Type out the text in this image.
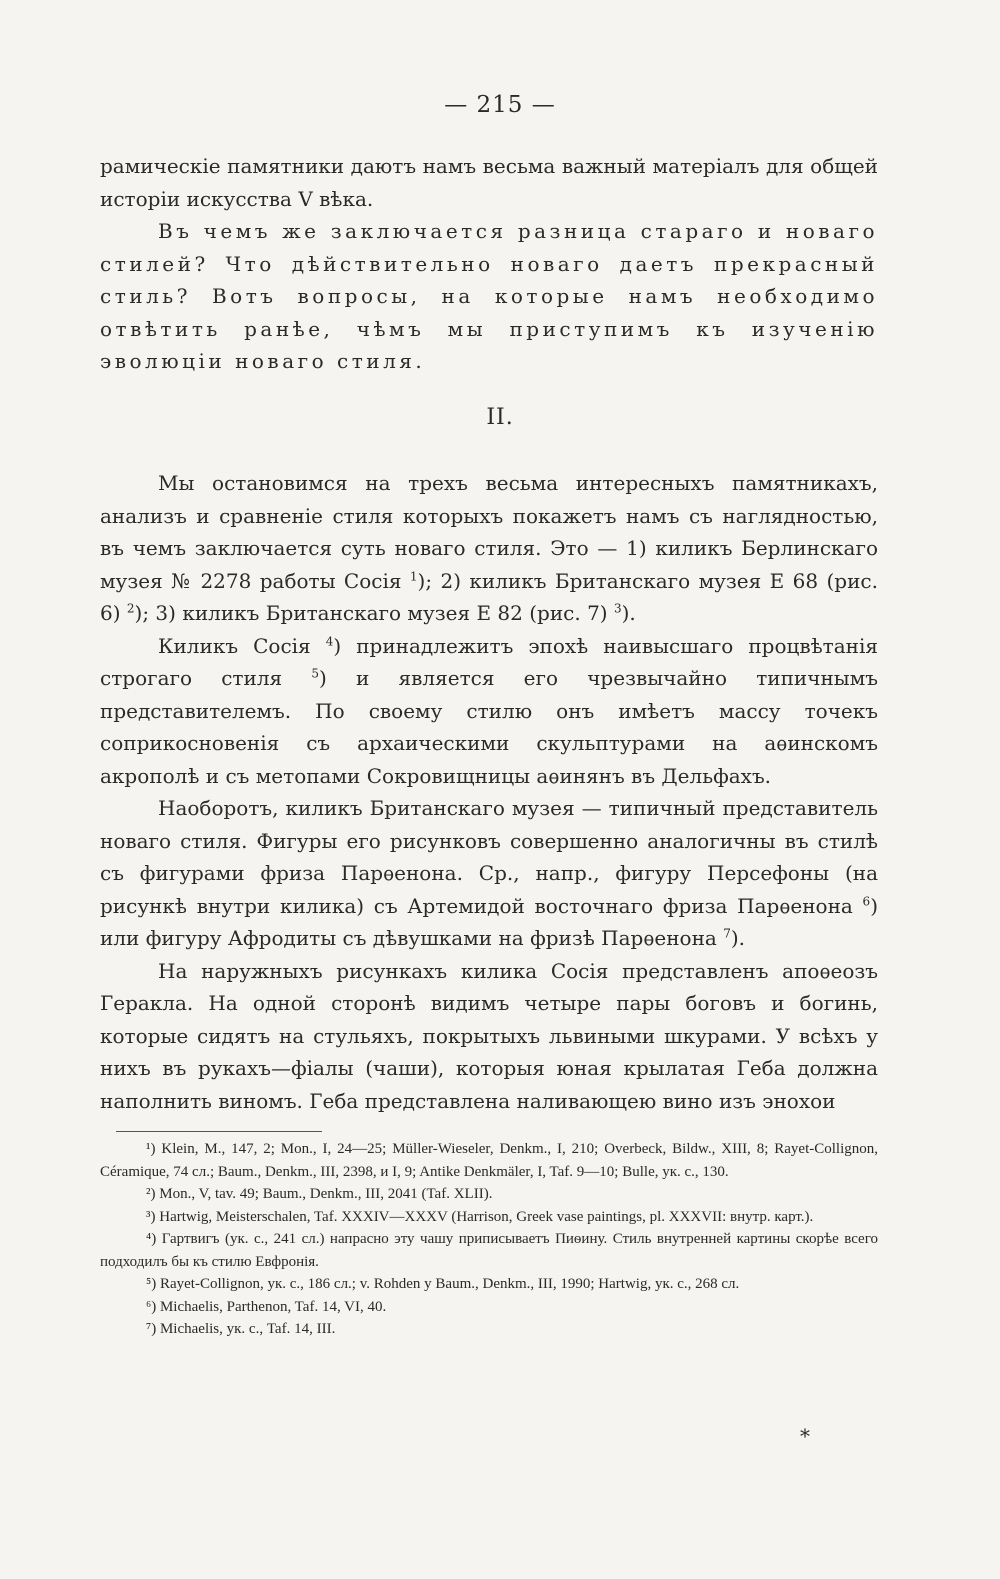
— 215 —

рамическіе памятники даютъ намъ весьма важный матеріалъ для общей исторіи искусства V вѣка.

Въ чемъ же заключается разница стараго и новаго стилей? Что дѣйствительно новаго даетъ прекрасный стиль? Вотъ вопросы, на которые намъ необходимо отвѣтить ранѣе, чѣмъ мы приступимъ къ изученію эволюціи новаго стиля.

II.

Мы остановимся на трехъ весьма интересныхъ памятникахъ, анализъ и сравненіе стиля которыхъ покажетъ намъ съ наглядностью, въ чемъ заключается суть новаго стиля. Это — 1) киликъ Берлинскаго музея № 2278 работы Сосія $^1$); 2) киликъ Британскаго музея E 68 (рис. 6) $^2$); 3) киликъ Британскаго музея E 82 (рис. 7) $^3$).

Киликъ Сосія $^4$) принадлежитъ эпохѣ наивысшаго процвѣтанія строгаго стиля $^5$) и является его чрезвычайно типичнымъ представителемъ. По своему стилю онъ имѣетъ массу точекъ соприкосновенія съ архаическими скульптурами на аѳинскомъ акрополѣ и съ метопами Сокровищницы аѳинянъ въ Дельфахъ.

Наоборотъ, киликъ Британскаго музея — типичный представитель новаго стиля. Фигуры его рисунковъ совершенно аналогичны въ стилѣ съ фигурами фриза Парѳенона. Ср., напр., фигуру Персефоны (на рисункѣ внутри килика) съ Артемидой восточнаго фриза Парѳенона $^6$) или фигуру Афродиты съ дѣвушками на фризѣ Парѳенона $^7$).

На наружныхъ рисункахъ килика Сосія представленъ апоѳеозъ Геракла. На одной сторонѣ видимъ четыре пары боговъ и богинь, которые сидятъ на стульяхъ, покрытыхъ львиными шкурами. У всѣхъ у нихъ въ рукахъ—фіалы (чаши), которыя юная крылатая Геба должна наполнить виномъ. Геба представлена наливающею вино изъ энохои

¹) Klein, M., 147, 2; Mon., I, 24—25; Müller-Wieseler, Denkm., I, 210; Overbeck, Bildw., XIII, 8; Rayet-Collignon, Céramique, 74 сл.; Baum., Denkm., III, 2398, и I, 9; Antike Denkmäler, I, Taf. 9—10; Bulle, ук. с., 130.

²) Mon., V, tav. 49; Baum., Denkm., III, 2041 (Taf. XLII).

³) Hartwig, Meisterschalen, Taf. XXXIV—XXXV (Harrison, Greek vase paintings, pl. XXXVII: внутр. карт.).

⁴) Гартвигъ (ук. с., 241 сл.) напрасно эту чашу приписываетъ Пиѳину. Стиль внутренней картины скорѣе всего подходилъ бы къ стилю Евфронія.

⁵) Rayet-Collignon, ук. с., 186 сл.; v. Rohden у Baum., Denkm., III, 1990; Hartwig, ук. с., 268 сл.

⁶) Michaelis, Parthenon, Taf. 14, VI, 40.

⁷) Michaelis, ук. с., Taf. 14, III.

*
